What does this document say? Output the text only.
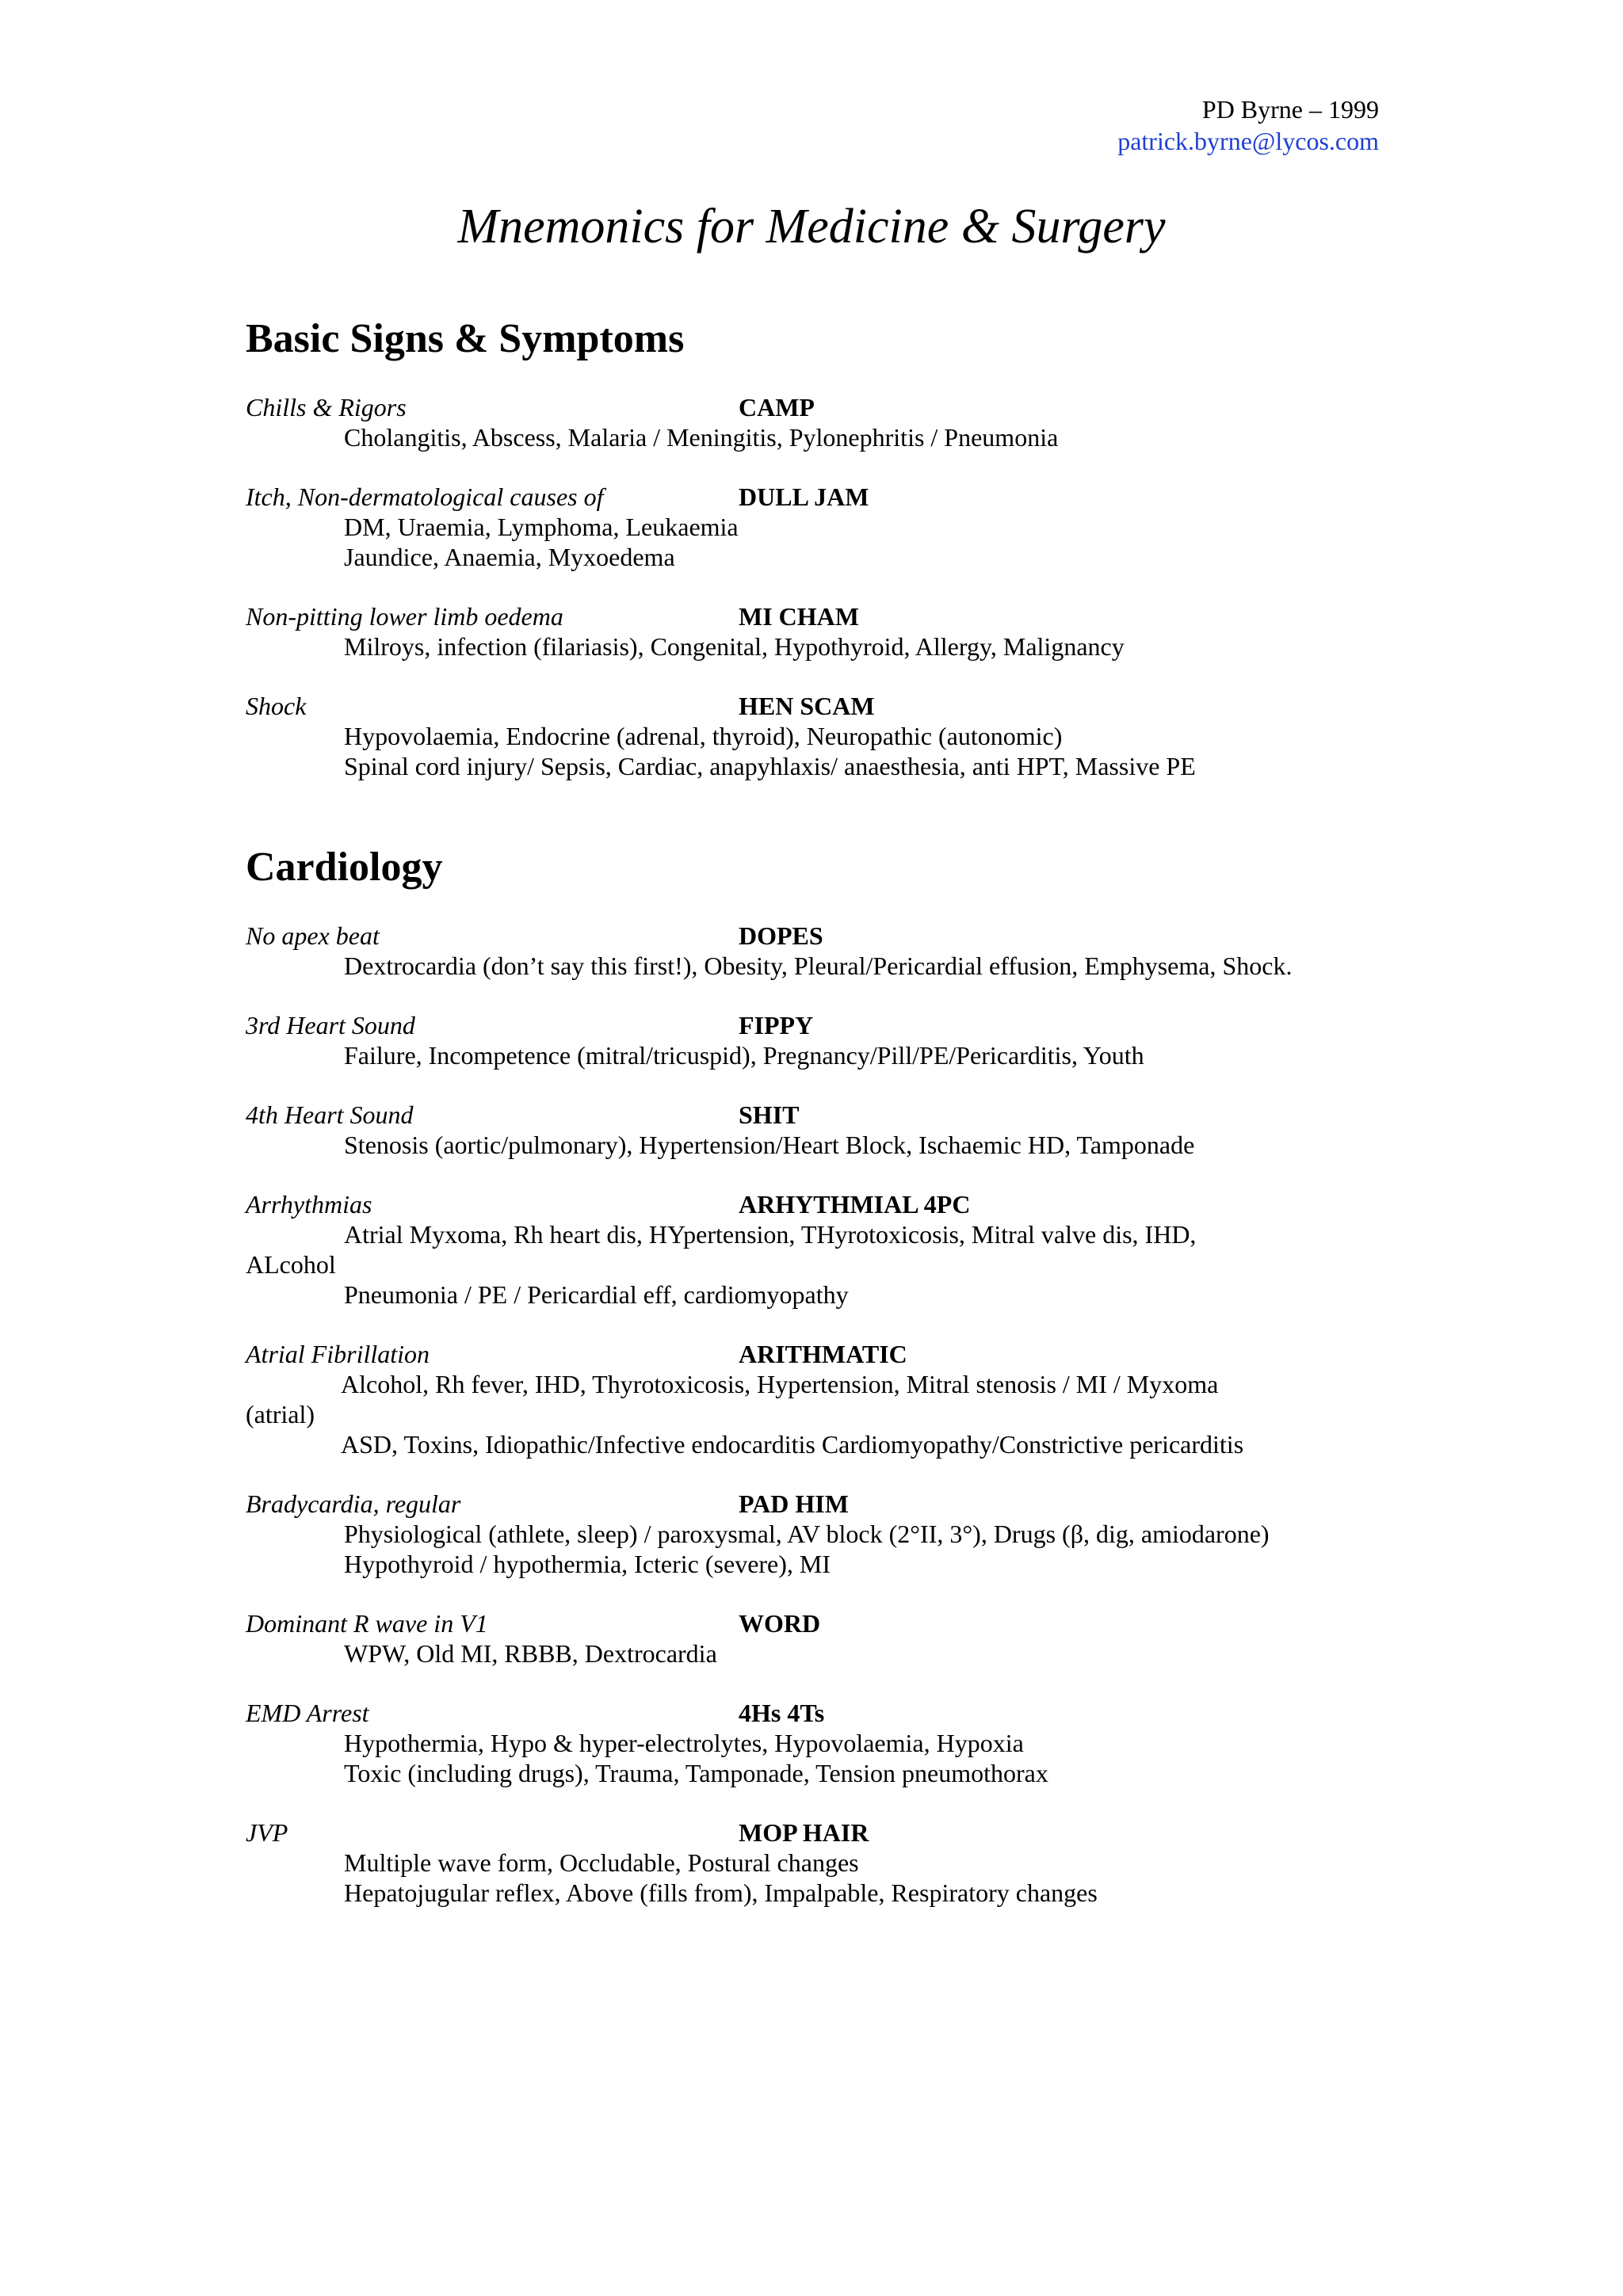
PD Byrne – 1999
patrick.byrne@lycos.com
Mnemonics for Medicine & Surgery
Basic Signs & Symptoms
Chills & Rigors	CAMP
Cholangitis, Abscess, Malaria / Meningitis, Pylonephritis / Pneumonia
Itch, Non-dermatological causes of	DULL JAM
DM, Uraemia, Lymphoma, Leukaemia
Jaundice, Anaemia, Myxoedema
Non-pitting lower limb oedema	MI CHAM
Milroys, infection (filariasis), Congenital, Hypothyroid, Allergy, Malignancy
Shock	HEN SCAM
Hypovolaemia, Endocrine (adrenal, thyroid), Neuropathic (autonomic)
Spinal cord injury/ Sepsis, Cardiac, anapyhlaxis/ anaesthesia, anti HPT, Massive PE
Cardiology
No apex beat	DOPES
Dextrocardia (don’t say this first!), Obesity, Pleural/Pericardial effusion, Emphysema, Shock.
3rd Heart Sound	FIPPY
Failure, Incompetence (mitral/tricuspid), Pregnancy/Pill/PE/Pericarditis, Youth
4th Heart Sound	SHIT
Stenosis (aortic/pulmonary), Hypertension/Heart Block, Ischaemic HD, Tamponade
Arrhythmias	ARHYTHMIAL 4PC
Atrial Myxoma, Rh heart dis, HYpertension, THyrotoxicosis, Mitral valve dis, IHD,
ALcohol
Pneumonia / PE / Pericardial eff, cardiomyopathy
Atrial Fibrillation	ARITHMATIC
Alcohol, Rh fever, IHD, Thyrotoxicosis, Hypertension, Mitral stenosis / MI / Myxoma
(atrial)
ASD, Toxins, Idiopathic/Infective endocarditis Cardiomyopathy/Constrictive pericarditis
Bradycardia, regular	PAD HIM
Physiological (athlete, sleep) / paroxysmal, AV block (2°II, 3°), Drugs (β, dig, amiodarone)
Hypothyroid / hypothermia, Icteric (severe), MI
Dominant R wave in V1	WORD
WPW, Old MI, RBBB, Dextrocardia
EMD Arrest	4Hs 4Ts
Hypothermia, Hypo & hyper-electrolytes, Hypovolaemia, Hypoxia
Toxic (including drugs), Trauma, Tamponade, Tension pneumothorax
JVP	MOP HAIR
Multiple wave form, Occludable, Postural changes
Hepatojugular reflex, Above (fills from), Impalpable, Respiratory changes
